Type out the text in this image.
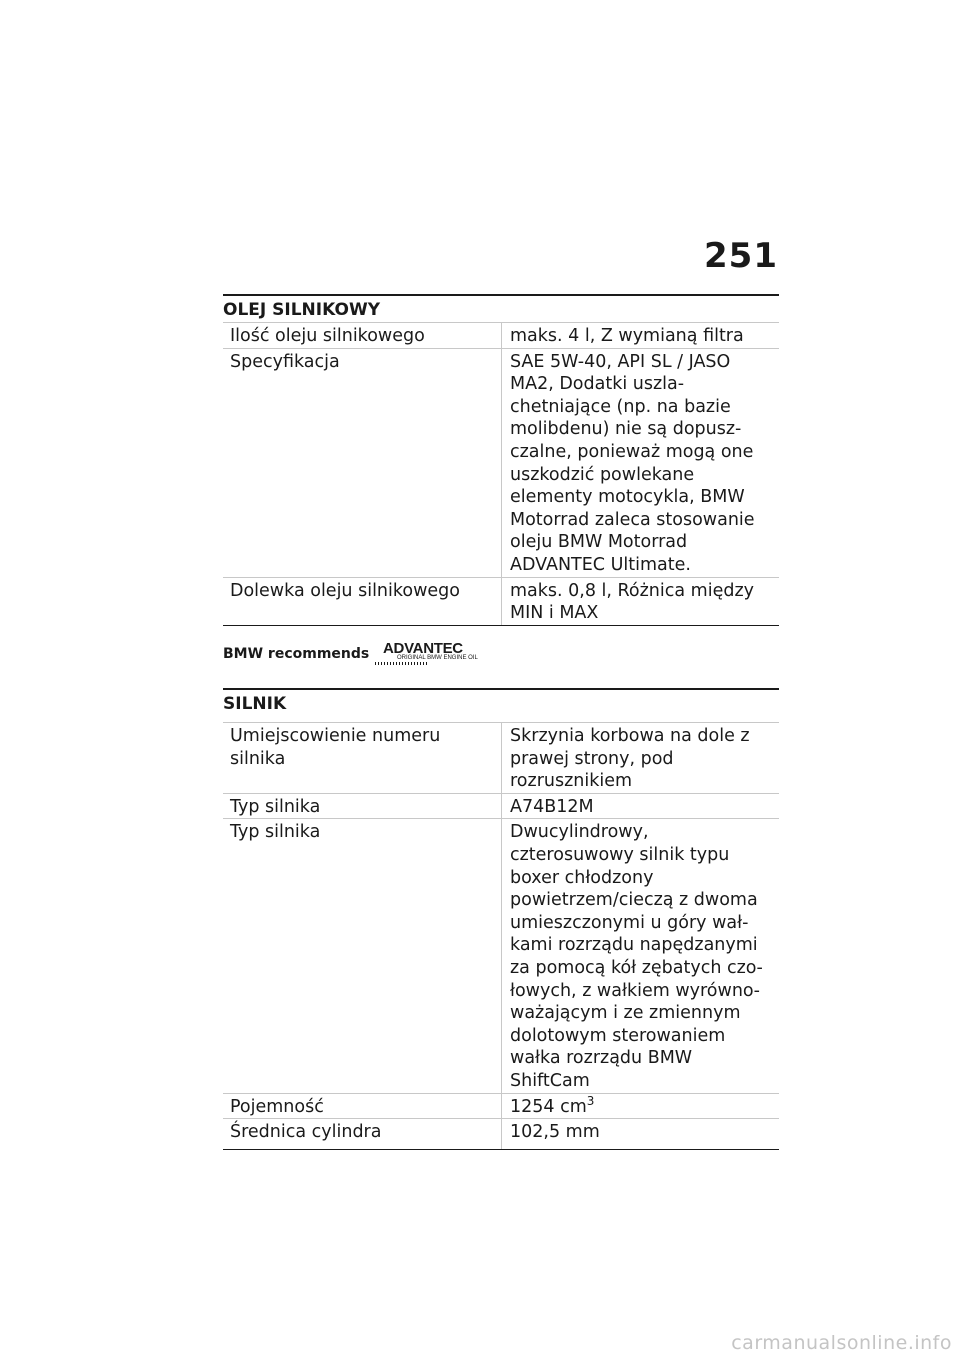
251
OLEJ SILNIKOWY
Ilość oleju silnikowego	maks. 4 l, Z wymianą filtra
Specyfikacja	SAE 5W-40, API SL / JASO MA2, Dodatki uszlachetniające (np. na bazie molibdenu) nie są dopuszczalne, ponieważ mogą one uszkodzić powlekane elementy motocykla, BMW Motorrad zaleca stosowanie oleju BMW Motorrad ADVANTEC Ultimate.
Dolewka oleju silnikowego	maks. 0,8 l, Różnica między MIN i MAX
BMW recommends ADVANTEC
ORIGINAL BMW ENGINE OIL
SILNIK
Umiejscowienie numeru silnika	Skrzynia korbowa na dole z prawej strony, pod rozrusznikiem
Typ silnika	A74B12M
Typ silnika	Dwucylindrowy, czterosuwowy silnik typu boxer chłodzony powietrzem/cieczą z dwoma umieszczonymi u góry wałkami rozrządu napędzanymi za pomocą kół zębatych czołowych, z wałkiem wyrównoważającym i ze zmiennym dolotowym sterowaniem wałka rozrządu BMW ShiftCam
Pojemność	1254 $cm^3$
Średnica cylindra	102,5 mm
carmanualsonline.info
